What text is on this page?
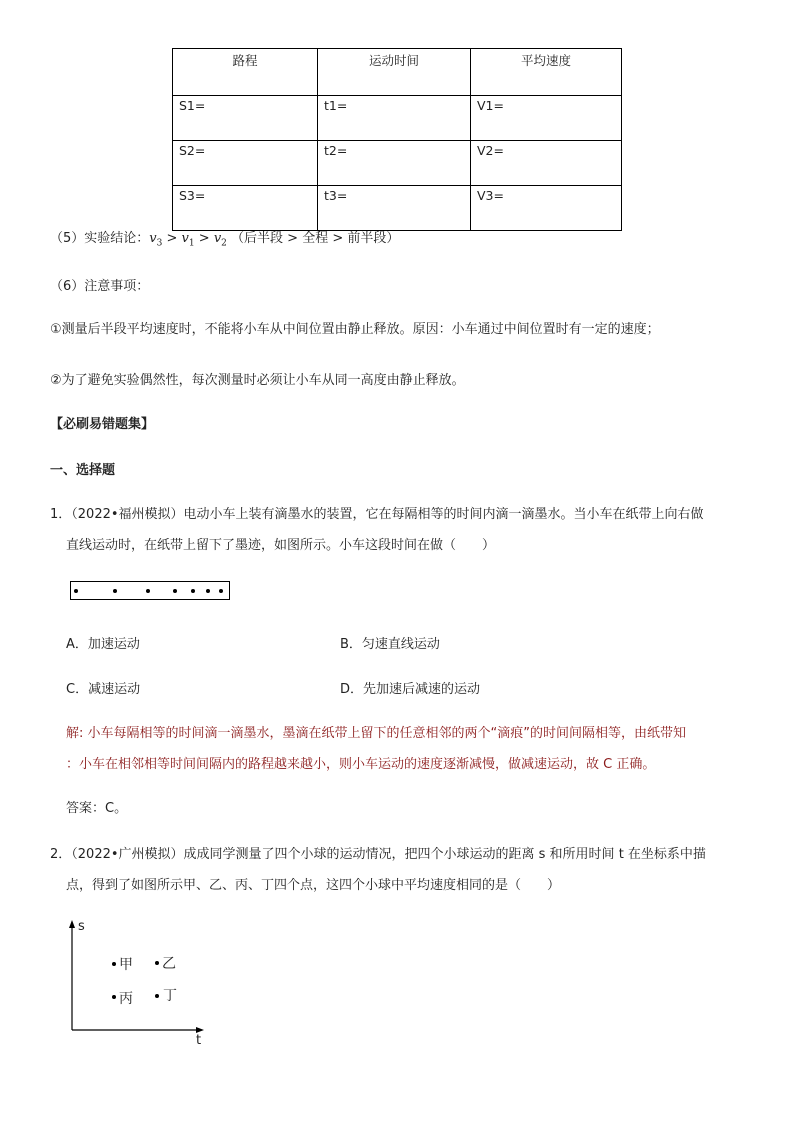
路程	运动时间	平均速度
S1=	t1=	V1=
S2=	t2=	V2=
S3=	t3=	V3=
（5）实验结论：$v_3 > v_1 > v_2$ （后半段 > 全程 > 前半段）
（6）注意事项：
①测量后半段平均速度时，不能将小车从中间位置由静止释放。原因：小车通过中间位置时有一定的速度；
②为了避免实验偶然性，每次测量时必须让小车从同一高度由静止释放。
【必刷易错题集】
一、选择题
1．（2022•福州模拟）电动小车上装有滴墨水的装置，它在每隔相等的时间内滴一滴墨水。当小车在纸带上向右做
直线运动时，在纸带上留下了墨迹，如图所示。小车这段时间在做（　　）
A．加速运动	B．匀速直线运动
C．减速运动	D．先加速后减速的运动
解: 小车每隔相等的时间滴一滴墨水，墨滴在纸带上留下的任意相邻的两个“滴痕”的时间间隔相等，由纸带知
：小车在相邻相等时间间隔内的路程越来越小，则小车运动的速度逐渐减慢，做减速运动，故 C 正确。
答案：C。
2．（2022•广州模拟）成成同学测量了四个小球的运动情况，把四个小球运动的距离 s 和所用时间 t 在坐标系中描
点，得到了如图所示甲、乙、丙、丁四个点，这四个小球中平均速度相同的是（　　）
s
t
甲 乙
丙 丁
